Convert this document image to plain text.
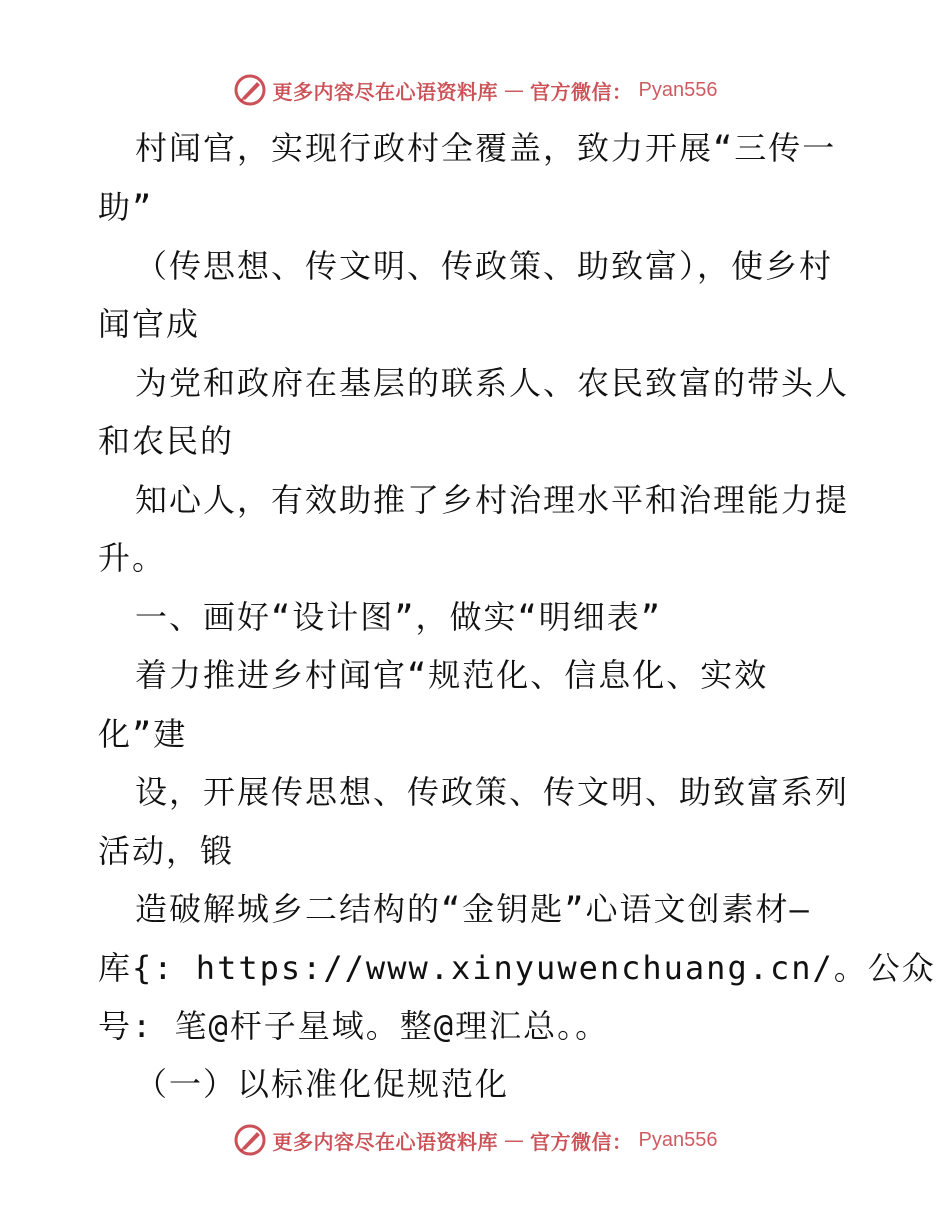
更多内容尽在心语资料库 — 官方微信： Pyan556
村闻官，实现行政村全覆盖，致力开展“三传一
助”
（传思想、传文明、传政策、助致富），使乡村
闻官成
为党和政府在基层的联系人、农民致富的带头人
和农民的
知心人，有效助推了乡村治理水平和治理能力提
升。
一、画好“设计图”，做实“明细表”
着力推进乡村闻官“规范化、信息化、实效
化”建
设，开展传思想、传政策、传文明、助致富系列
活动，锻
造破解城乡二结构的“金钥匙”心语文创素材—
库{: https://www.xinyuwenchuang.cn/。公众
号: 笔@杆子星域。整@理汇总。。
（一）以标准化促规范化
更多内容尽在心语资料库 — 官方微信： Pyan556
